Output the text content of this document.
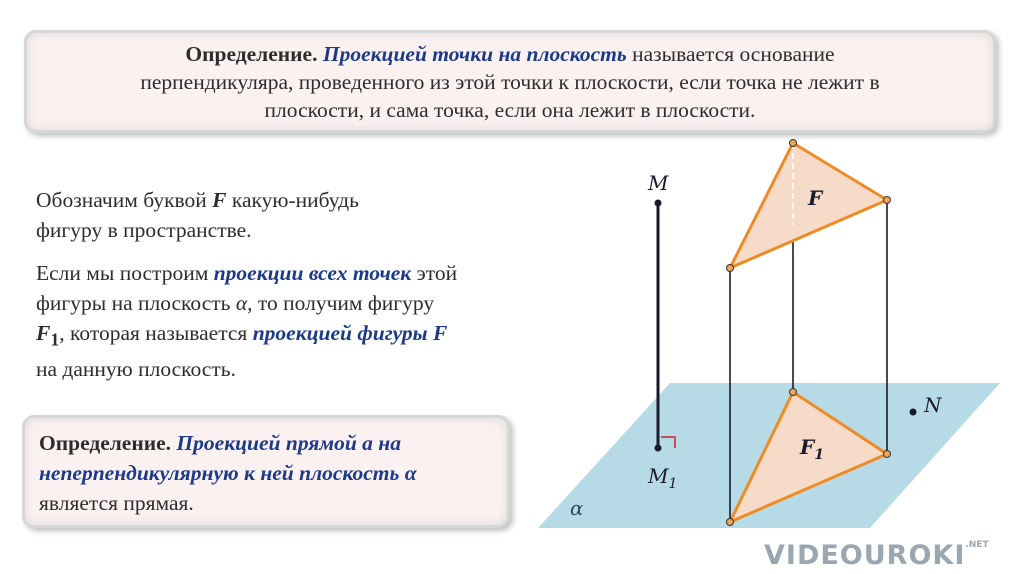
Определение. Проекцией точки на плоскость называется основание
перпендикуляра, проведенного из этой точки к плоскости, если точка не лежит в
плоскости, и сама точка, если она лежит в плоскости.
Обозначим буквой F какую-нибудь
фигуру в пространстве.
Если мы построим проекции всех точек этой
фигуры на плоскость α, то получим фигуру
$F_1$, которая называется проекцией фигуры F
на данную плоскость.
Определение. Проекцией прямой a на
неперпендикулярную к ней плоскость α
является прямая.
M
$M_1$
N
F
$F_1$
α
$VIDEOUROKI^{.NET}$
